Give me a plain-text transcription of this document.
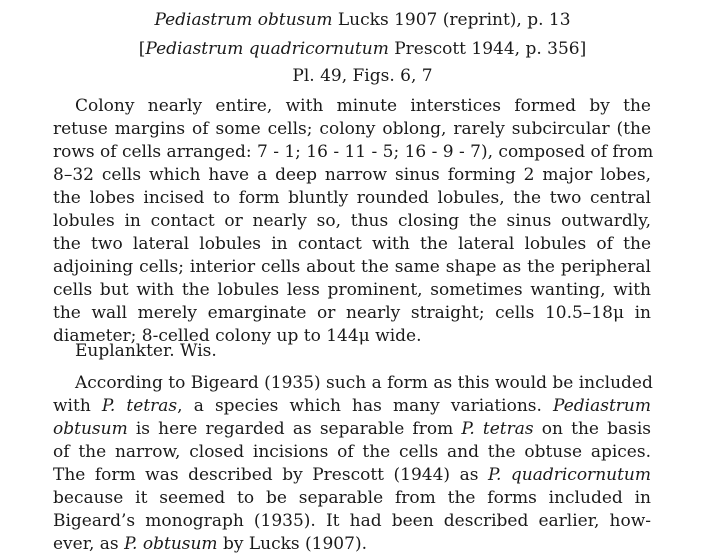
Pediastrum obtusum Lucks 1907 (reprint), p. 13
[Pediastrum quadricornutum Prescott 1944, p. 356]
Pl. 49, Figs. 6, 7
Colony nearly entire, with minute interstices formed by the
retuse margins of some cells; colony oblong, rarely subcircular (the
rows of cells arranged: 7 - 1; 16 - 11 - 5; 16 - 9 - 7), composed of from
8–32 cells which have a deep narrow sinus forming 2 major lobes,
the lobes incised to form bluntly rounded lobules, the two central
lobules in contact or nearly so, thus closing the sinus outwardly,
the two lateral lobules in contact with the lateral lobules of the
adjoining cells; interior cells about the same shape as the peripheral
cells but with the lobules less prominent, sometimes wanting, with
the wall merely emarginate or nearly straight; cells 10.5–18μ in
diameter; 8-celled colony up to 144μ wide.
Euplankter. Wis.
According to Bigeard (1935) such a form as this would be included
with P. tetras, a species which has many variations. Pediastrum
obtusum is here regarded as separable from P. tetras on the basis
of the narrow, closed incisions of the cells and the obtuse apices.
The form was described by Prescott (1944) as P. quadricornutum
because it seemed to be separable from the forms included in
Bigeard’s monograph (1935). It had been described earlier, how-
ever, as P. obtusum by Lucks (1907).
